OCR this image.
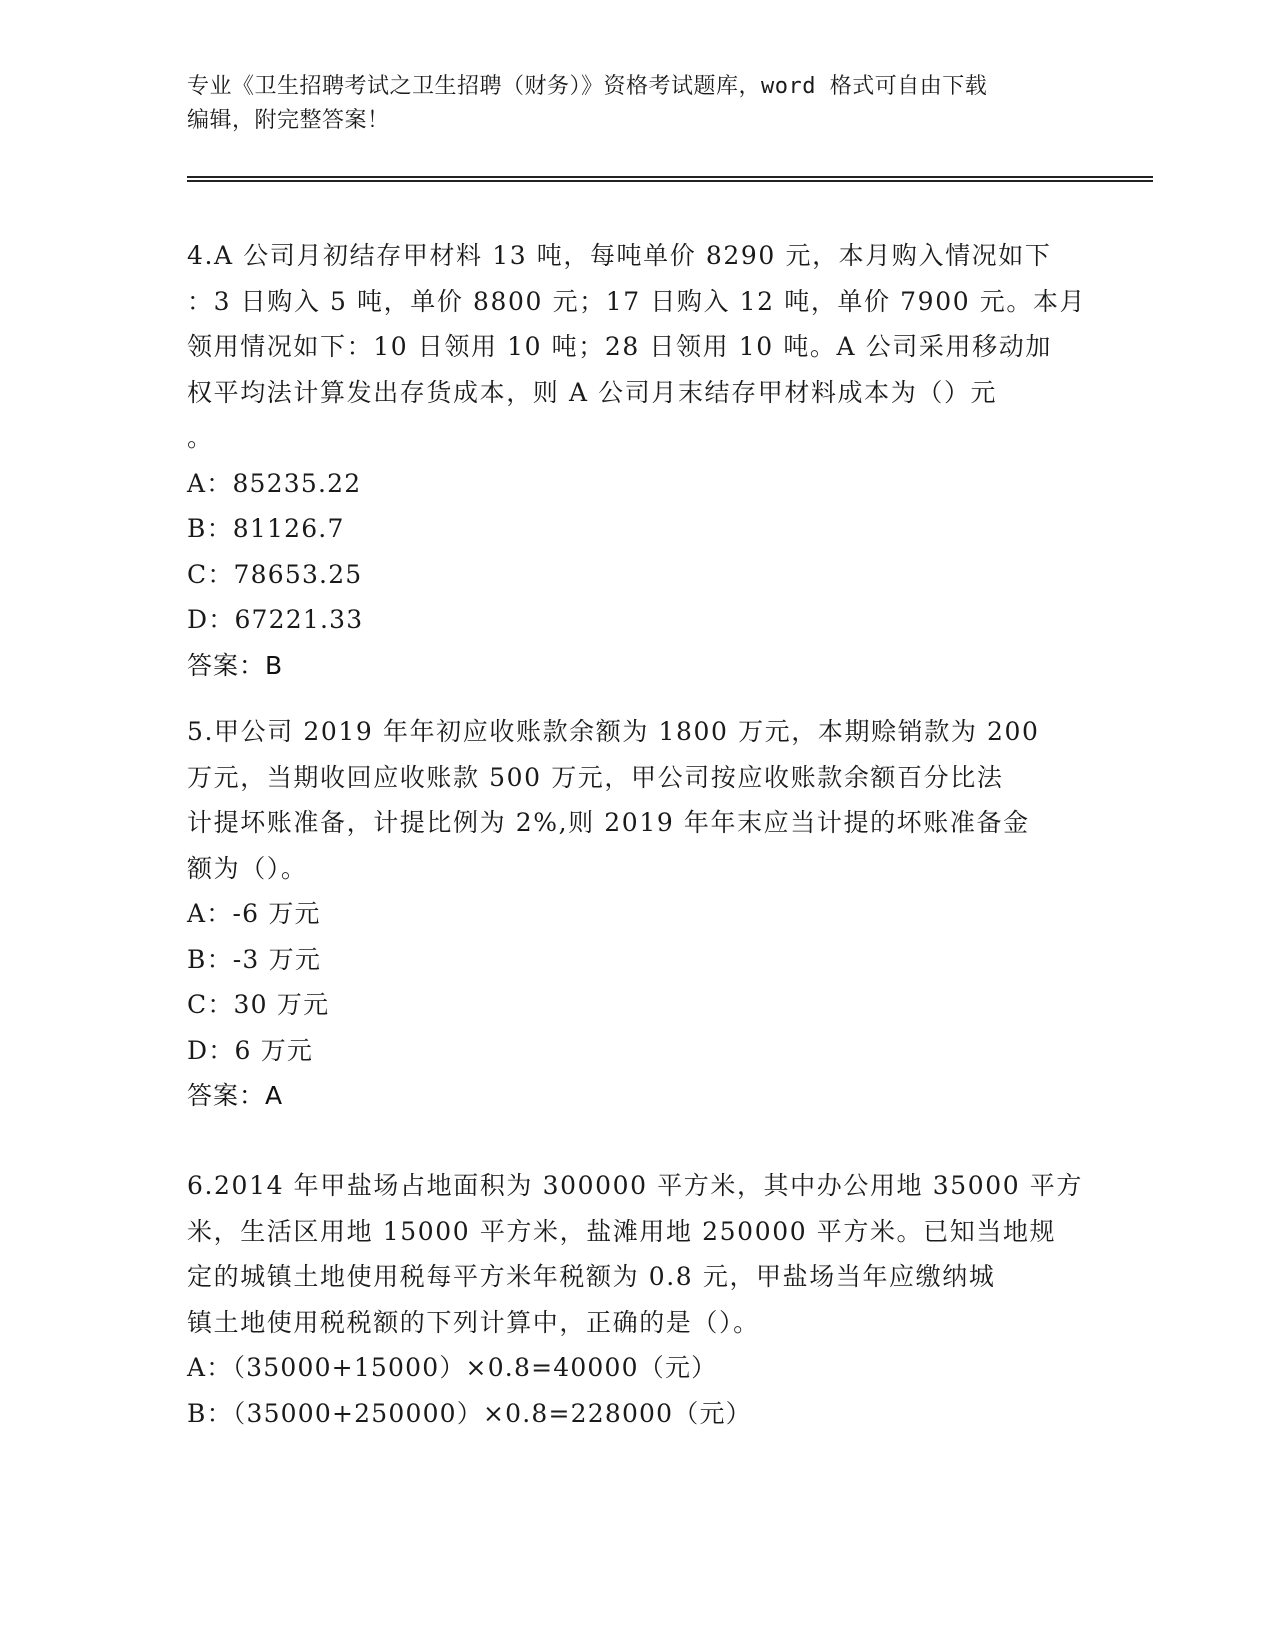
专业《卫生招聘考试之卫生招聘（财务）》资格考试题库，word 格式可自由下载
编辑，附完整答案！
4.A 公司月初结存甲材料 13 吨，每吨单价 8290 元，本月购入情况如下
：3 日购入 5 吨，单价 8800 元；17 日购入 12 吨，单价 7900 元。本月
领用情况如下：10 日领用 10 吨；28 日领用 10 吨。A 公司采用移动加
权平均法计算发出存货成本，则 A 公司月末结存甲材料成本为（）元
。
A：85235.22
B：81126.7
C：78653.25
D：67221.33
答案：B
5.甲公司 2019 年年初应收账款余额为 1800 万元，本期赊销款为 200
万元，当期收回应收账款 500 万元，甲公司按应收账款余额百分比法
计提坏账准备，计提比例为 2%,则 2019 年年末应当计提的坏账准备金
额为（）。
A：-6 万元
B：-3 万元
C：30 万元
D：6 万元
答案：A
6.2014 年甲盐场占地面积为 300000 平方米，其中办公用地 35000 平方
米，生活区用地 15000 平方米，盐滩用地 250000 平方米。已知当地规
定的城镇土地使用税每平方米年税额为 0.8 元，甲盐场当年应缴纳城
镇土地使用税税额的下列计算中，正确的是（）。
A：（35000+15000）×0.8=40000（元）
B：（35000+250000）×0.8=228000（元）
